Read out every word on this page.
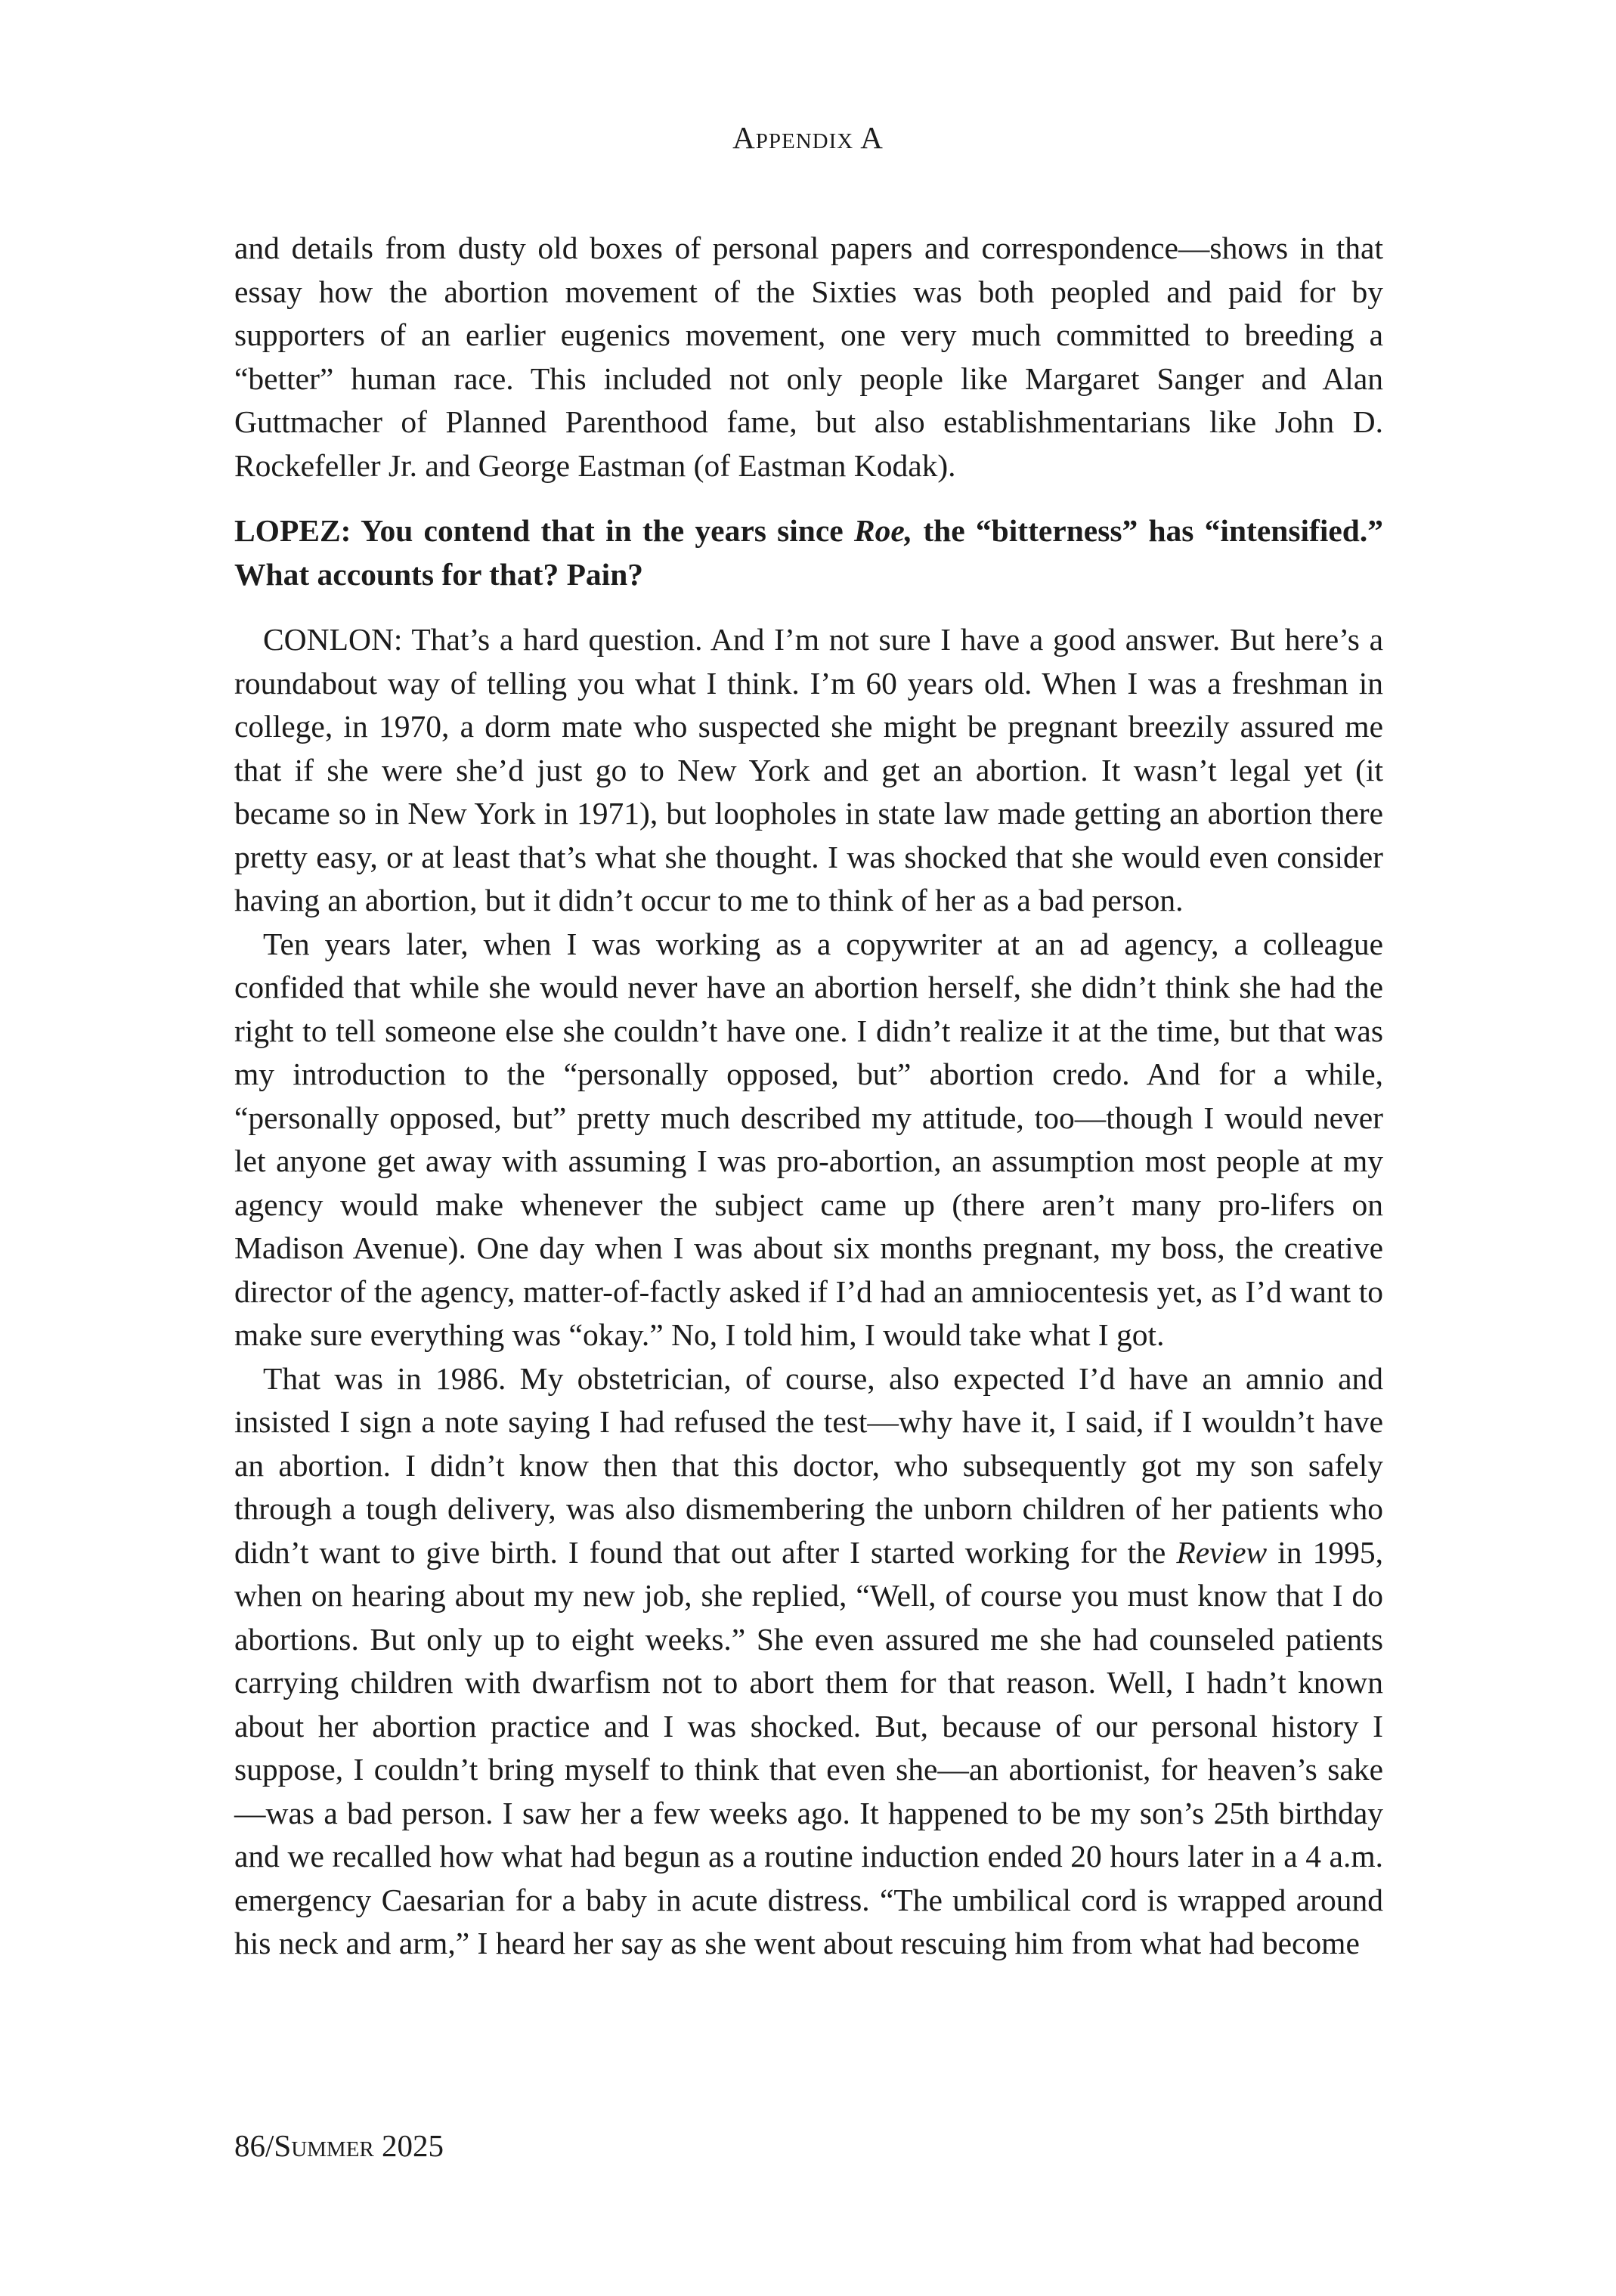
Appendix A

and details from dusty old boxes of personal papers and correspondence—shows in that essay how the abortion movement of the Sixties was both peopled and paid for by supporters of an earlier eugenics movement, one very much committed to breeding a “better” human race. This included not only people like Margaret Sanger and Alan Guttmacher of Planned Parenthood fame, but also establishmentarians like John D. Rockefeller Jr. and George Eastman (of Eastman Kodak).

LOPEZ: You contend that in the years since Roe, the “bitterness” has “intensified.” What accounts for that? Pain?

CONLON: That’s a hard question. And I’m not sure I have a good answer. But here’s a roundabout way of telling you what I think. I’m 60 years old. When I was a freshman in college, in 1970, a dorm mate who suspected she might be pregnant breezily assured me that if she were she’d just go to New York and get an abortion. It wasn’t legal yet (it became so in New York in 1971), but loopholes in state law made getting an abortion there pretty easy, or at least that’s what she thought. I was shocked that she would even consider having an abortion, but it didn’t occur to me to think of her as a bad person.

Ten years later, when I was working as a copywriter at an ad agency, a colleague confided that while she would never have an abortion herself, she didn’t think she had the right to tell someone else she couldn’t have one. I didn’t realize it at the time, but that was my introduction to the “personally opposed, but” abortion credo. And for a while, “personally opposed, but” pretty much described my attitude, too—though I would never let anyone get away with assuming I was pro-abortion, an assumption most people at my agency would make whenever the subject came up (there aren’t many pro-lifers on Madison Avenue). One day when I was about six months pregnant, my boss, the creative director of the agency, matter-of-factly asked if I’d had an amniocentesis yet, as I’d want to make sure everything was “okay.” No, I told him, I would take what I got.

That was in 1986. My obstetrician, of course, also expected I’d have an amnio and insisted I sign a note saying I had refused the test—why have it, I said, if I wouldn’t have an abortion. I didn’t know then that this doctor, who subsequently got my son safely through a tough delivery, was also dismembering the unborn children of her patients who didn’t want to give birth. I found that out after I started working for the Review in 1995, when on hearing about my new job, she replied, “Well, of course you must know that I do abortions. But only up to eight weeks.” She even assured me she had counseled patients carrying children with dwarfism not to abort them for that reason. Well, I hadn’t known about her abortion practice and I was shocked. But, because of our personal history I suppose, I couldn’t bring myself to think that even she—an abortionist, for heaven’s sake—was a bad person. I saw her a few weeks ago. It happened to be my son’s 25th birthday and we recalled how what had begun as a routine induction ended 20 hours later in a 4 a.m. emergency Caesarian for a baby in acute distress. “The umbilical cord is wrapped around his neck and arm,” I heard her say as she went about rescuing him from what had become

86/Summer 2025
